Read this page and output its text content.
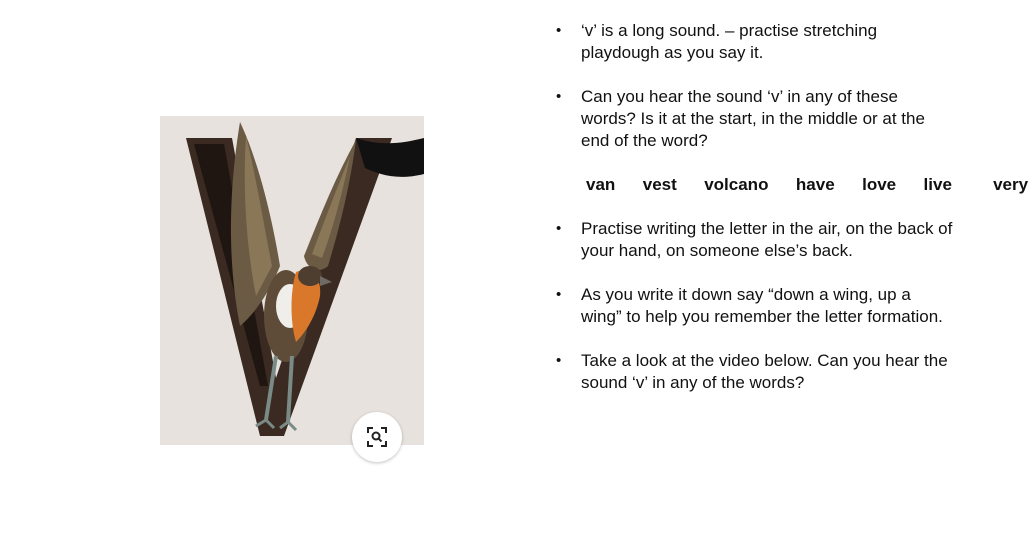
• ‘v’ is a long sound. – practise stretching playdough as you say it.
• Can you hear the sound ‘v’ in any of these words? Is it at the start, in the middle or at the end of the word?
• Practise writing the letter in the air, on the back of your hand, on someone else’s back.
• As you write it down say “down a wing, up a wing” to help you remember the letter formation.
• Take a look at the video below. Can you hear the sound ‘v’ in any of the words?
van  vest  volcano  have  love  live   very
